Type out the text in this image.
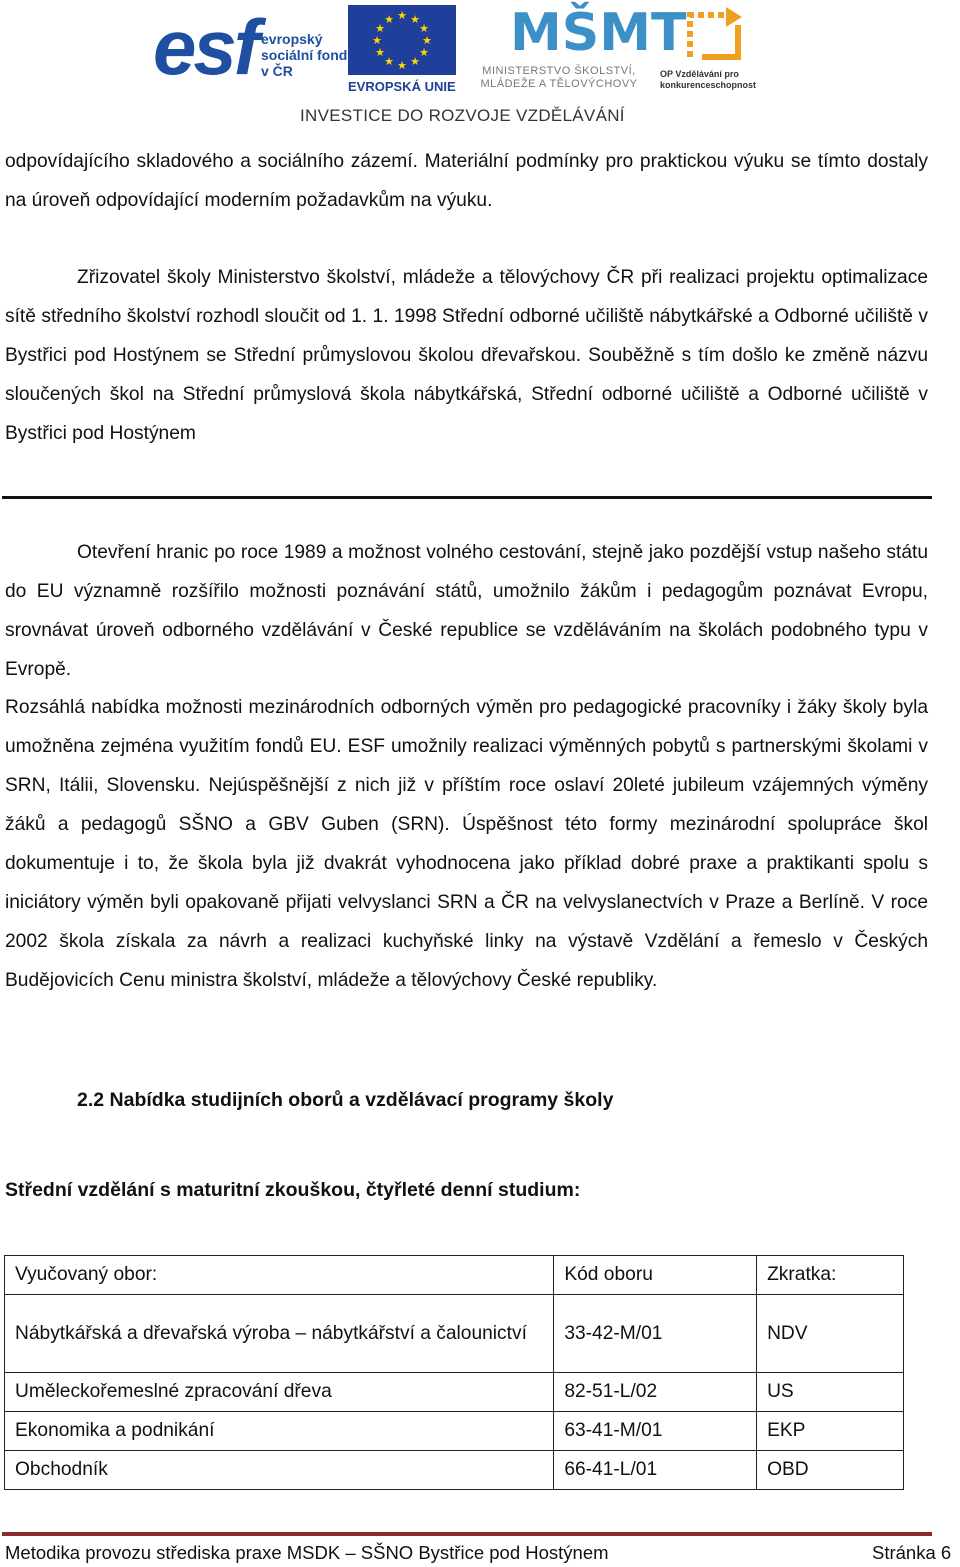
esf evropský sociální fond v ČR
★ ★
★
★
★
★
★
★
★
★
★
★
EVROPSKÁ UNIE
MŠMT
MINISTERSTVO ŠKOLSTVÍ, MLÁDEŽE A TĚLOVÝCHOVY
OP Vzdělávání pro konkurenceschopnost
INVESTICE DO ROZVOJE VZDĚLÁVÁNÍ

odpovídajícího skladového a sociálního zázemí. Materiální podmínky pro praktickou výuku se tímto dostaly na úroveň odpovídající moderním požadavkům na výuku.

Zřizovatel školy Ministerstvo školství, mládeže a tělovýchovy ČR při realizaci projektu optimalizace sítě středního školství rozhodl sloučit od 1. 1. 1998 Střední odborné učiliště nábytkářské a Odborné učiliště v Bystřici pod Hostýnem se Střední průmyslovou školou dřevařskou. Souběžně s tím došlo ke změně názvu sloučených škol na Střední průmyslová škola nábytkářská, Střední odborné učiliště a Odborné učiliště v Bystřici pod Hostýnem

Otevření hranic po roce 1989 a možnost volného cestování, stejně jako pozdější vstup našeho státu do EU významně rozšířilo možnosti poznávání států, umožnilo žákům i pedagogům poznávat Evropu, srovnávat úroveň odborného vzdělávání v České republice se vzděláváním na školách podobného typu v Evropě.

Rozsáhlá nabídka možnosti mezinárodních odborných výměn pro pedagogické pracovníky i žáky školy byla umožněna zejména využitím fondů EU. ESF umožnily realizaci výměnných pobytů s partnerskými školami v SRN, Itálii, Slovensku. Nejúspěšnější z nich již v příštím roce oslaví 20leté jubileum vzájemných výměny žáků a pedagogů SŠNO a GBV Guben (SRN). Úspěšnost této formy mezinárodní spolupráce škol dokumentuje i to, že škola byla již dvakrát vyhodnocena jako příklad dobré praxe a praktikanti spolu s iniciátory výměn byli opakovaně přijati velvyslanci SRN a ČR na velvyslanectvích v Praze a Berlíně. V roce 2002 škola získala za návrh a realizaci kuchyňské linky na výstavě Vzdělání a řemeslo v Českých Budějovicích Cenu ministra školství, mládeže a tělovýchovy České republiky.

2.2 Nabídka studijních oborů a vzdělávací programy školy
Střední vzdělání s maturitní zkouškou, čtyřleté denní studium:
Vyučovaný obor:	Kód oboru	Zkratka:
Nábytkářská a dřevařská výroba – nábytkářství a čalounictví	33-42-M/01	NDV
Uměleckořemeslné zpracování dřeva	82-51-L/02	US
Ekonomika a podnikání	63-41-M/01	EKP
Obchodník	66-41-L/01	OBD
Metodika provozu střediska praxe MSDK – SŠNO Bystřice pod Hostýnem	Stránka 6
